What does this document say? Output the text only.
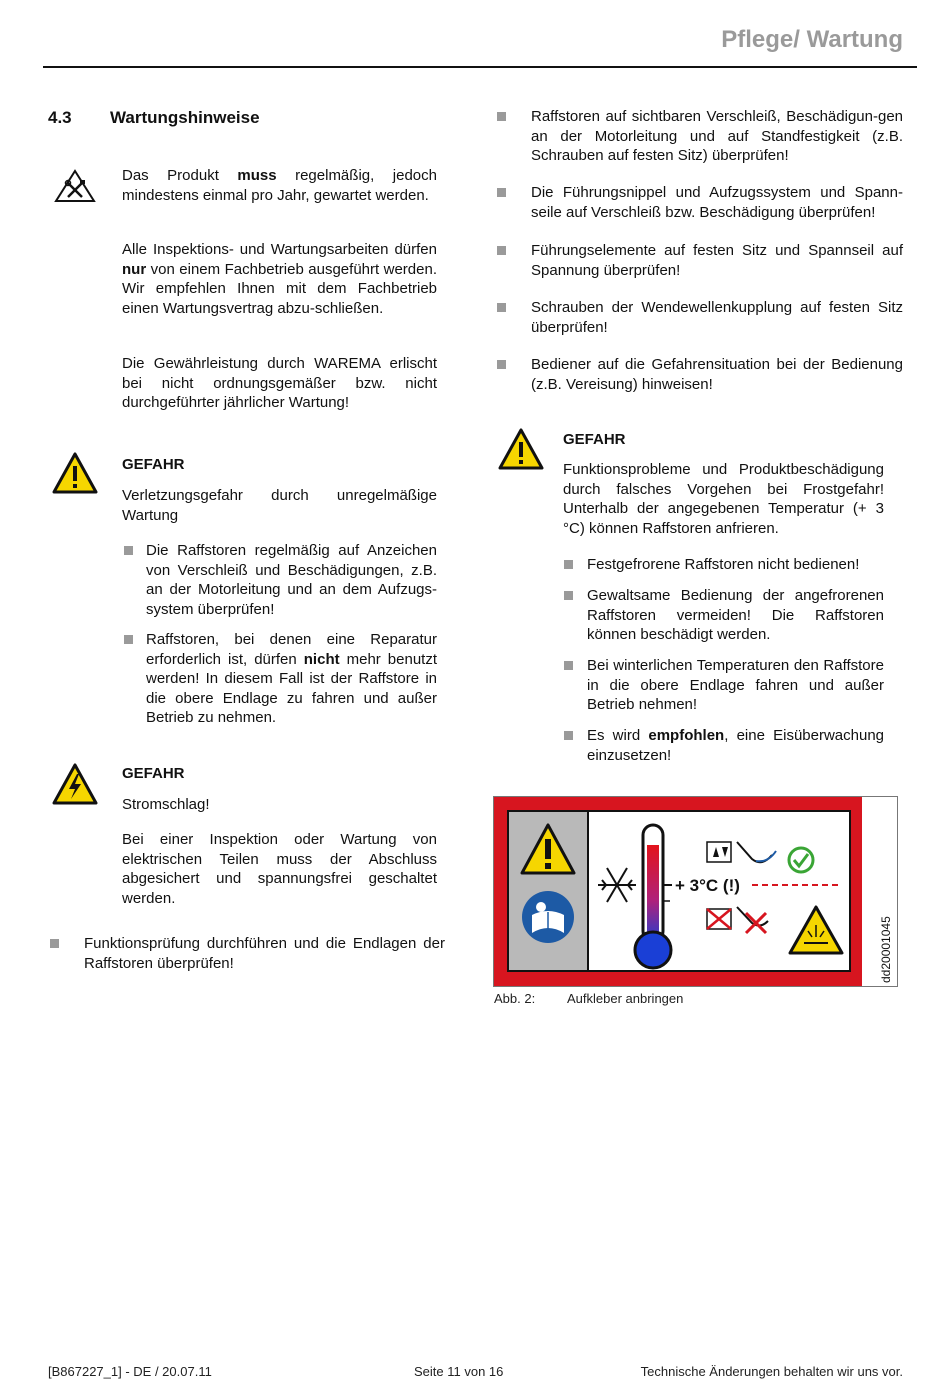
Pflege/ Wartung
4.3 Wartungshinweise
Das Produkt muss regelmäßig, jedoch mindestens einmal pro Jahr, gewartet werden.
Alle Inspektions- und Wartungsarbeiten dürfen nur von einem Fachbetrieb ausgeführt werden. Wir empfehlen Ihnen mit dem Fachbetrieb einen Wartungsvertrag abzu-schließen.
Die Gewährleistung durch WAREMA erlischt bei nicht ordnungsgemäßer bzw. nicht durchgeführter jährlicher Wartung!
GEFAHR
Verletzungsgefahr durch unregelmäßige Wartung
Die Raffstoren regelmäßig auf Anzeichen von Verschleiß und Beschädigungen, z.B. an der Motorleitung und an dem Aufzugs-system überprüfen!
Raffstoren, bei denen eine Reparatur erforderlich ist, dürfen nicht mehr benutzt werden! In diesem Fall ist der Raffstore in die obere Endlage zu fahren und außer Betrieb zu nehmen.
GEFAHR
Stromschlag!
Bei einer Inspektion oder Wartung von elektrischen Teilen muss der Abschluss abgesichert und spannungsfrei geschaltet werden.
Funktionsprüfung durchführen und die Endlagen der Raffstoren überprüfen!
Raffstoren auf sichtbaren Verschleiß, Beschädigun-gen an der Motorleitung und auf Standfestigkeit (z.B. Schrauben auf festen Sitz) überprüfen!
Die Führungsnippel und Aufzugssystem und Spann-seile auf Verschleiß bzw. Beschädigung überprüfen!
Führungselemente auf festen Sitz und Spannseil auf Spannung überprüfen!
Schrauben der Wendewellenkupplung auf festen Sitz überprüfen!
Bediener auf die Gefahrensituation bei der Bedienung (z.B. Vereisung) hinweisen!
GEFAHR
Funktionsprobleme und Produktbeschädigung durch falsches Vorgehen bei Frostgefahr! Unterhalb der angegebenen Temperatur (+ 3 °C) können Raffstoren anfrieren.
Festgefrorene Raffstoren nicht bedienen!
Gewaltsame Bedienung der angefrorenen Raffstoren vermeiden! Die Raffstoren können beschädigt werden.
Bei winterlichen Temperaturen den Raffstore in die obere Endlage fahren und außer Betrieb nehmen!
Es wird empfohlen, eine Eisüberwachung einzusetzen!
+ 3°C (!)
dd20001045
Abb. 2: Aufkleber anbringen
[B867227_1] - DE / 20.07.11	Seite 11 von 16	Technische Änderungen behalten wir uns vor.
